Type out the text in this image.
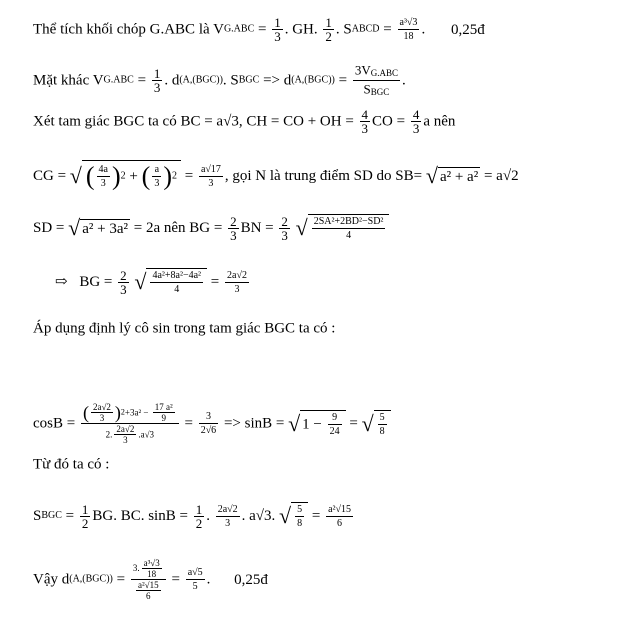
Thể tích khối chóp G.ABC là $VG.ABC = \frac{1}{3}$ . GH. $\frac{1}{2}$ . SABCD = $\frac{\text{a³√3}}{18}$ . 0,25đ
Mặt khác $VG.ABC = \frac{1}{3}$ . d(A,(BGC)). SBGC => $d(A,(BGC)) = \frac{3V_{G.ABC}}{S_{BGC}}$ .
Xét tam giác BGC ta có BC = a√3, CH = CO + OH = $\frac{4}{3}$ CO = $\frac{4}{3}$ a nên
CG = √ ( $\frac{4a}{3} )2$ + ( $\frac{a}{3} )2 = \frac{a√17}{3}$ , gọi N là trung điểm SD do SB= √ a² + a² = a√2
SD = √ a² + 3a² = 2a nên BG = $\frac{2}{3}$ BN = $\frac{2}{3}$ √ $\frac{\text{2SA²+2BD²−SD²}}{4}$
⇨ BG = $\frac{2}{3}$ √ $\frac{\text{4a²+8a²−4a²}}{4} = \frac{2a√2}{3}$
Áp dụng định lý cô sin trong tam giác BGC ta có :
$\cos B = \frac{( \frac{2a√2}{3} )2+3a^2 - \frac{\text{17 a²}}{9}}{2. \frac{2a√2}{3} .a√3} = \frac{3}{2√6} => \sin B$ = √ $1 - \frac{9}{24}$ = √ $\frac{5}{8}$
Từ đó ta có :
SBGC = $\frac{1}{2}$ BG. BC. $\sin B = \frac{1}{2}$ . $\frac{2a√2}{3}$ . a√3. √ $\frac{5}{8} = \frac{\text{a²√15}}{6}$
Vậy $d(A,(BGC)) = \frac{3. \frac{\text{a³√3}}{18}}{\frac{\text{a²√15}}{6}} = \frac{a√5}{5}$ . 0,25đ
